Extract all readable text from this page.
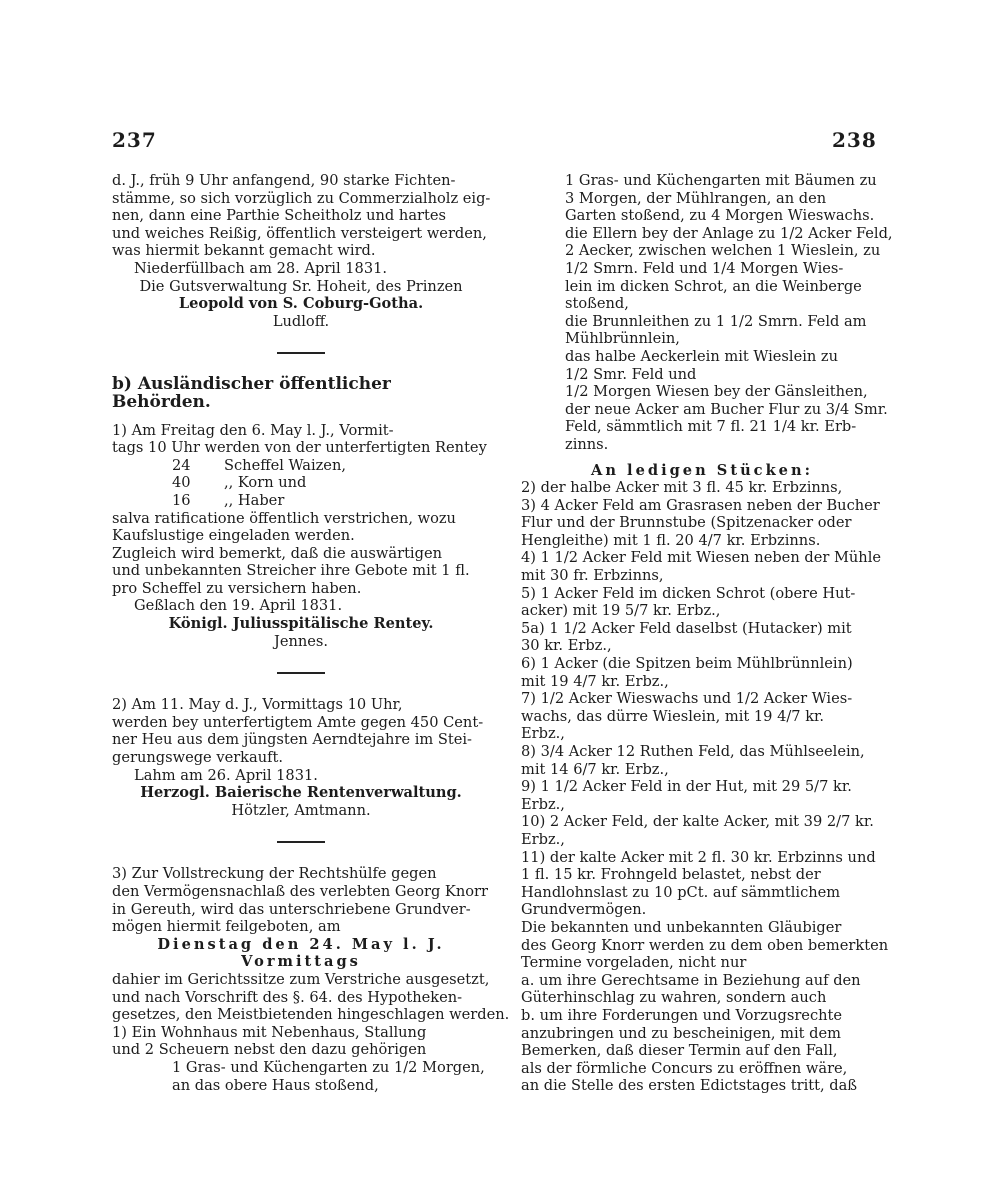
237	238
d. J., früh 9 Uhr anfangend, 90 starke Fichten-
stämme, so sich vorzüglich zu Commerzialholz eig-
nen, dann eine Parthie Scheitholz und hartes
und weiches Reißig, öffentlich versteigert werden,
was hiermit bekannt gemacht wird.
Niederfüllbach am 28. April 1831.
Die Gutsverwaltung Sr. Hoheit, des Prinzen
Leopold von S. Coburg-Gotha.
Ludloff.
b) Ausländischer öffentlicher Behörden.
1) Am Freitag den 6. May l. J., Vormit-
tags 10 Uhr werden von der unterfertigten Rentey
24 Scheffel Waizen,
40 ,, Korn und
16 ,, Haber
salva ratificatione öffentlich verstrichen, wozu
Kaufslustige eingeladen werden.
Zugleich wird bemerkt, daß die auswärtigen
und unbekannten Streicher ihre Gebote mit 1 fl.
pro Scheffel zu versichern haben.
Geßlach den 19. April 1831.
Königl. Juliusspitälische Rentey.
Jennes.
2) Am 11. May d. J., Vormittags 10 Uhr,
werden bey unterfertigtem Amte gegen 450 Cent-
ner Heu aus dem jüngsten Aerndtejahre im Stei-
gerungswege verkauft.
Lahm am 26. April 1831.
Herzogl. Baierische Rentenverwaltung.
Hötzler, Amtmann.
3) Zur Vollstreckung der Rechtshülfe gegen
den Vermögensnachlaß des verlebten Georg Knorr
in Gereuth, wird das unterschriebene Grundver-
mögen hiermit feilgeboten, am
Dienstag den 24. May l. J.
Vormittags
dahier im Gerichtssitze zum Verstriche ausgesetzt,
und nach Vorschrift des §. 64. des Hypotheken-
gesetzes, den Meistbietenden hingeschlagen werden.
1) Ein Wohnhaus mit Nebenhaus, Stallung
und 2 Scheuern nebst den dazu gehörigen
1 Gras- und Küchengarten zu 1/2 Morgen,
an das obere Haus stoßend,
1 Gras- und Küchengarten mit Bäumen zu
3 Morgen, der Mühlrangen, an den
Garten stoßend, zu 4 Morgen Wieswachs.
die Ellern bey der Anlage zu 1/2 Acker Feld,
2 Aecker, zwischen welchen 1 Wieslein, zu
1/2 Smrn. Feld und 1/4 Morgen Wies-
lein im dicken Schrot, an die Weinberge
stoßend,
die Brunnleithen zu 1 1/2 Smrn. Feld am
Mühlbrünnlein,
das halbe Aeckerlein mit Wieslein zu
1/2 Smr. Feld und
1/2 Morgen Wiesen bey der Gänsleithen,
der neue Acker am Bucher Flur zu 3/4 Smr.
Feld, sämmtlich mit 7 fl. 21 1/4 kr. Erb-
zinns.
An ledigen Stücken:
2) der halbe Acker mit 3 fl. 45 kr. Erbzinns,
3) 4 Acker Feld am Grasrasen neben der Bucher
Flur und der Brunnstube (Spitzenacker oder
Hengleithe) mit 1 fl. 20 4/7 kr. Erbzinns.
4) 1 1/2 Acker Feld mit Wiesen neben der Mühle
mit 30 fr. Erbzinns,
5) 1 Acker Feld im dicken Schrot (obere Hut-
acker) mit 19 5/7 kr. Erbz.,
5a) 1 1/2 Acker Feld daselbst (Hutacker) mit
30 kr. Erbz.,
6) 1 Acker (die Spitzen beim Mühlbrünnlein)
mit 19 4/7 kr. Erbz.,
7) 1/2 Acker Wieswachs und 1/2 Acker Wies-
wachs, das dürre Wieslein, mit 19 4/7 kr.
Erbz.,
8) 3/4 Acker 12 Ruthen Feld, das Mühlseelein,
mit 14 6/7 kr. Erbz.,
9) 1 1/2 Acker Feld in der Hut, mit 29 5/7 kr.
Erbz.,
10) 2 Acker Feld, der kalte Acker, mit 39 2/7 kr.
Erbz.,
11) der kalte Acker mit 2 fl. 30 kr. Erbzinns und
1 fl. 15 kr. Frohngeld belastet, nebst der
Handlohnslast zu 10 pCt. auf sämmtlichem
Grundvermögen.
Die bekannten und unbekannten Gläubiger
des Georg Knorr werden zu dem oben bemerkten
Termine vorgeladen, nicht nur
a. um ihre Gerechtsame in Beziehung auf den
Güterhinschlag zu wahren, sondern auch
b. um ihre Forderungen und Vorzugsrechte
anzubringen und zu bescheinigen, mit dem
Bemerken, daß dieser Termin auf den Fall,
als der förmliche Concurs zu eröffnen wäre,
an die Stelle des ersten Edictstages tritt, daß
